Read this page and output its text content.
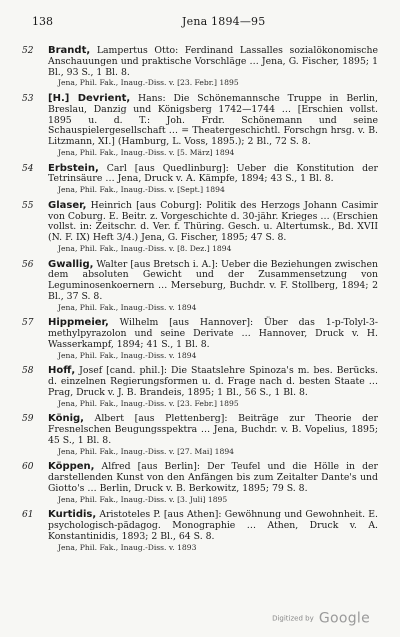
138	Jena 1894—95
52	Brandt, Lampertus Otto: Ferdinand Lassalles sozialökonomische Anschauungen und praktische Vorschläge … Jena, G. Fischer, 1895; 1 Bl., 93 S., 1 Bl. 8.
Jena, Phil. Fak., Inaug.-Diss. v. [23. Febr.] 1895
53	[H.] Devrient, Hans: Die Schönemannsche Truppe in Berlin, Breslau, Danzig und Königsberg 1742—1744 … [Erschien vollst. 1895 u. d. T.: Joh. Frdr. Schönemann und seine Schauspielergesellschaft … = Theatergeschichtl. Forschgn hrsg. v. B. Litzmann, XI.] (Hamburg, L. Voss, 1895.); 2 Bl., 72 S. 8.
Jena, Phil. Fak., Inaug.-Diss. v. [5. März] 1894
54	Erbstein, Carl [aus Quedlinburg]: Ueber die Konstitution der Tetrinsäure … Jena, Druck v. A. Kämpfe, 1894; 43 S., 1 Bl. 8.
Jena, Phil. Fak., Inaug.-Diss. v. [Sept.] 1894
55	Glaser, Heinrich [aus Coburg]: Politik des Herzogs Johann Casimir von Coburg. E. Beitr. z. Vorgeschichte d. 30-jähr. Krieges … (Erschien vollst. in: Zeitschr. d. Ver. f. Thüring. Gesch. u. Altertumsk., Bd. XVII (N. F. IX) Heft 3/4.) Jena, G. Fischer, 1895; 47 S. 8.
Jena, Phil. Fak., Inaug.-Diss. v. [8. Dez.] 1894
56	Gwallig, Walter [aus Bretsch i. A.]: Ueber die Beziehungen zwischen dem absoluten Gewicht und der Zusammensetzung von Leguminosenkoernern … Merseburg, Buchdr. v. F. Stollberg, 1894; 2 Bl., 37 S. 8.
Jena, Phil. Fak., Inaug.-Diss. v. 1894
57	Hippmeier, Wilhelm [aus Hannover]: Über das 1-p-Tolyl-3-methylpyrazolon und seine Derivate … Hannover, Druck v. H. Wasserkampf, 1894; 41 S., 1 Bl. 8.
Jena, Phil. Fak., Inaug.-Diss. v. 1894
58	Hoff, Josef [cand. phil.]: Die Staatslehre Spinoza's m. bes. Berücks. d. einzelnen Regierungsformen u. d. Frage nach d. besten Staate … Prag, Druck v. J. B. Brandeis, 1895; 1 Bl., 56 S., 1 Bl. 8.
Jena, Phil. Fak., Inaug.-Diss. v. [23. Febr.] 1895
59	König, Albert [aus Plettenberg]: Beiträge zur Theorie der Fresnelschen Beugungsspektra … Jena, Buchdr. v. B. Vopelius, 1895; 45 S., 1 Bl. 8.
Jena, Phil. Fak., Inaug.-Diss. v. [27. Mai] 1894
60	Köppen, Alfred [aus Berlin]: Der Teufel und die Hölle in der darstellenden Kunst von den Anfängen bis zum Zeitalter Dante's und Giotto's … Berlin, Druck v. B. Berkowitz, 1895; 79 S. 8.
Jena, Phil. Fak., Inaug.-Diss. v. [3. Juli] 1895
61	Kurtidis, Aristoteles P. [aus Athen]: Gewöhnung und Gewohnheit. E. psychologisch-pädagog. Monographie … Athen, Druck v. A. Konstantinidis, 1893; 2 Bl., 64 S. 8.
Jena, Phil. Fak., Inaug.-Diss. v. 1893
Digitized by Google
